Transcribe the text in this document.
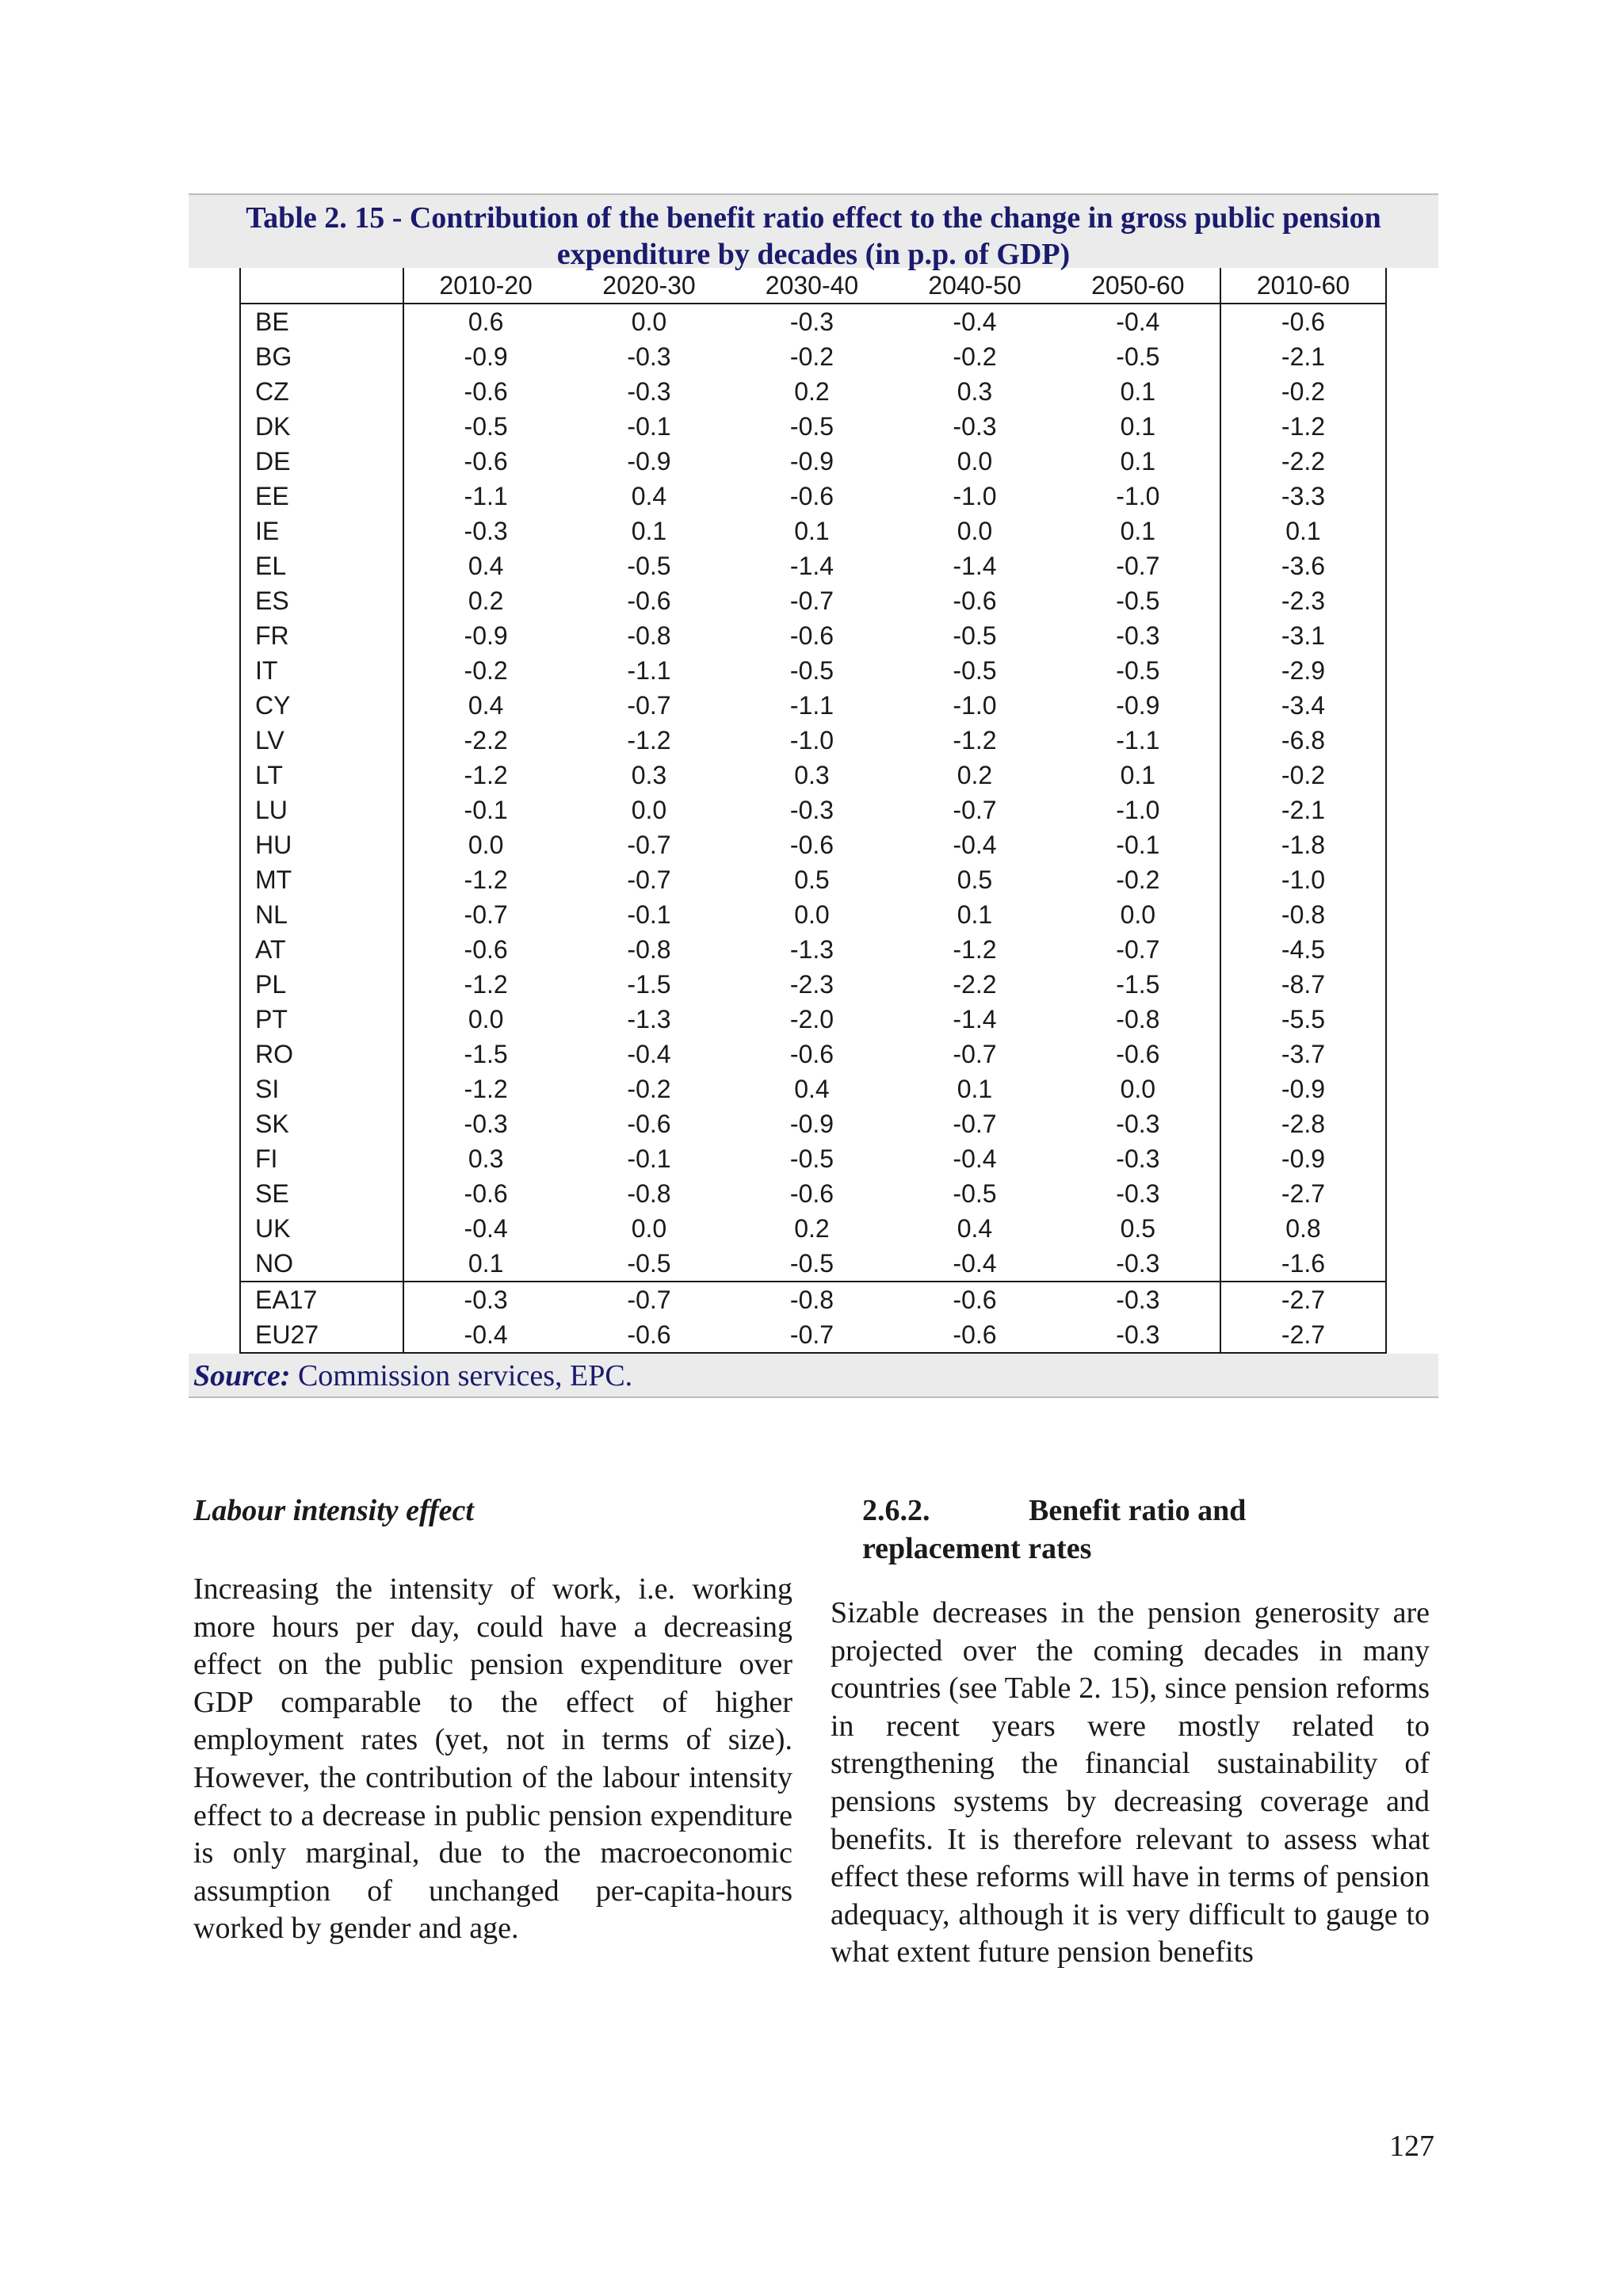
Table 2. 15 - Contribution of the benefit ratio effect to the change in gross public pension expenditure by decades (in p.p. of GDP)
	2010-20	2020-30	2030-40	2040-50	2050-60	2010-60
BE	0.6	0.0	-0.3	-0.4	-0.4	-0.6
BG	-0.9	-0.3	-0.2	-0.2	-0.5	-2.1
CZ	-0.6	-0.3	0.2	0.3	0.1	-0.2
DK	-0.5	-0.1	-0.5	-0.3	0.1	-1.2
DE	-0.6	-0.9	-0.9	0.0	0.1	-2.2
EE	-1.1	0.4	-0.6	-1.0	-1.0	-3.3
IE	-0.3	0.1	0.1	0.0	0.1	0.1
EL	0.4	-0.5	-1.4	-1.4	-0.7	-3.6
ES	0.2	-0.6	-0.7	-0.6	-0.5	-2.3
FR	-0.9	-0.8	-0.6	-0.5	-0.3	-3.1
IT	-0.2	-1.1	-0.5	-0.5	-0.5	-2.9
CY	0.4	-0.7	-1.1	-1.0	-0.9	-3.4
LV	-2.2	-1.2	-1.0	-1.2	-1.1	-6.8
LT	-1.2	0.3	0.3	0.2	0.1	-0.2
LU	-0.1	0.0	-0.3	-0.7	-1.0	-2.1
HU	0.0	-0.7	-0.6	-0.4	-0.1	-1.8
MT	-1.2	-0.7	0.5	0.5	-0.2	-1.0
NL	-0.7	-0.1	0.0	0.1	0.0	-0.8
AT	-0.6	-0.8	-1.3	-1.2	-0.7	-4.5
PL	-1.2	-1.5	-2.3	-2.2	-1.5	-8.7
PT	0.0	-1.3	-2.0	-1.4	-0.8	-5.5
RO	-1.5	-0.4	-0.6	-0.7	-0.6	-3.7
SI	-1.2	-0.2	0.4	0.1	0.0	-0.9
SK	-0.3	-0.6	-0.9	-0.7	-0.3	-2.8
FI	0.3	-0.1	-0.5	-0.4	-0.3	-0.9
SE	-0.6	-0.8	-0.6	-0.5	-0.3	-2.7
UK	-0.4	0.0	0.2	0.4	0.5	0.8
NO	0.1	-0.5	-0.5	-0.4	-0.3	-1.6
EA17	-0.3	-0.7	-0.8	-0.6	-0.3	-2.7
EU27	-0.4	-0.6	-0.7	-0.6	-0.3	-2.7
Source: Commission services, EPC.

Labour intensity effect

Increasing the intensity of work, i.e. working more hours per day, could have a decreasing effect on the public pension expenditure over GDP comparable to the effect of higher employment rates (yet, not in terms of size). However, the contribution of the labour intensity effect to a decrease in public pension expenditure is only marginal, due to the macroeconomic assumption of unchanged per-capita-hours worked by gender and age.

2.6.2.	Benefit ratio and
replacement rates

Sizable decreases in the pension generosity are projected over the coming decades in many countries (see Table 2. 15), since pension reforms in recent years were mostly related to strengthening the financial sustainability of pensions systems by decreasing coverage and benefits. It is therefore relevant to assess what effect these reforms will have in terms of pension adequacy, although it is very difficult to gauge to what extent future pension benefits

127
